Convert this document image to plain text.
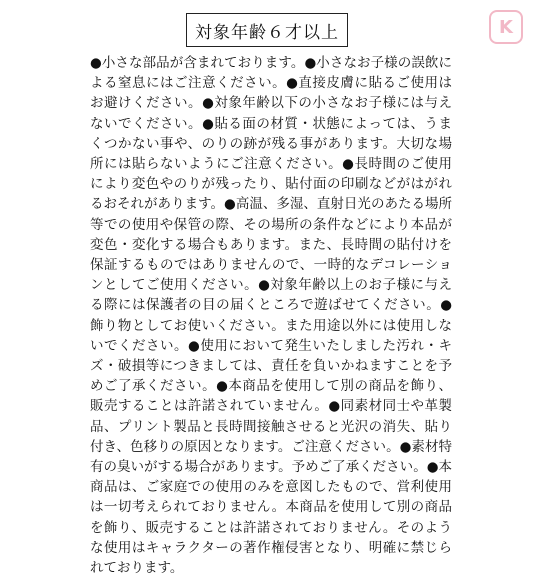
対象年齢６才以上	K

●小さな部品が含まれております。●小さなお子様の誤飲による窒息にはご注意ください。●直接皮膚に貼るご使用はお避けください。●対象年齢以下の小さなお子様には与えないでください。●貼る面の材質・状態によっては、うまくつかない事や、のりの跡が残る事があります。大切な場所には貼らないようにご注意ください。●長時間のご使用により変色やのりが残ったり、貼付面の印刷などがはがれるおそれがあります。●高温、多湿、直射日光のあたる場所等での使用や保管の際、その場所の条件などにより本品が変色・変化する場合もあります。また、長時間の貼付けを保証するものではありませんので、一時的なデコレーションとしてご使用ください。●対象年齢以上のお子様に与える際には保護者の目の届くところで遊ばせてください。●飾り物としてお使いください。また用途以外には使用しないでください。●使用において発生いたしました汚れ・キズ・破損等につきましては、責任を負いかねますことを予めご了承ください。●本商品を使用して別の商品を飾り、販売することは許諾されていません。●同素材同士や革製品、プリント製品と長時間接触させると光沢の消失、貼り付き、色移りの原因となります。ご注意ください。●素材特有の臭いがする場合があります。予めご了承ください。●本商品は、ご家庭での使用のみを意図したもので、営利使用は一切考えられておりません。本商品を使用して別の商品を飾り、販売することは許諾されておりません。そのような使用はキャラクターの著作権侵害となり、明確に禁じられております。
